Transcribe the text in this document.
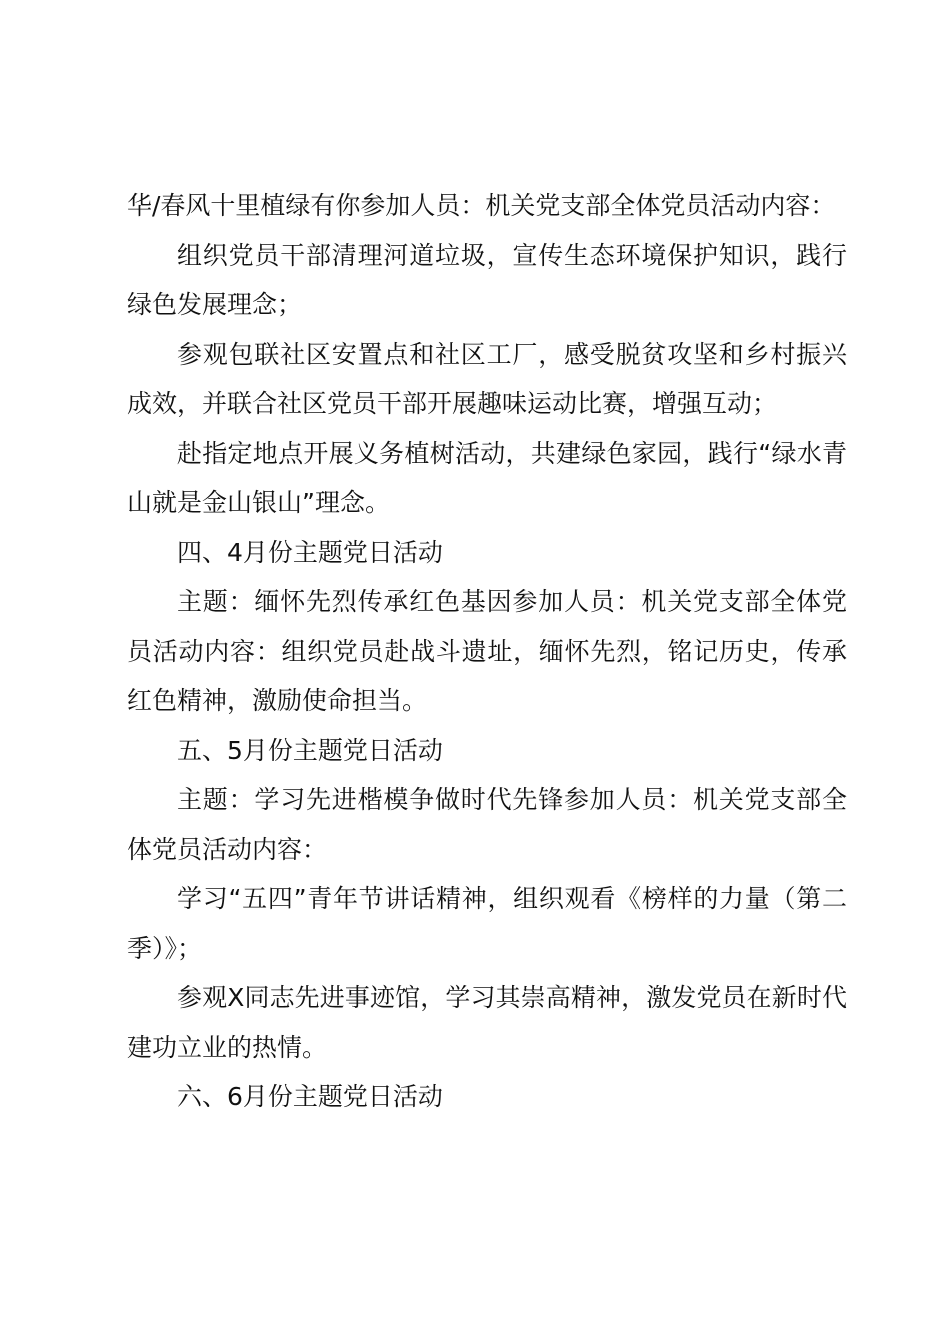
华/春风十里植绿有你参加人员：机关党支部全体党员活动内容：

组织党员干部清理河道垃圾，宣传生态环境保护知识，践行绿色发展理念；

参观包联社区安置点和社区工厂，感受脱贫攻坚和乡村振兴成效，并联合社区党员干部开展趣味运动比赛，增强互动；

赴指定地点开展义务植树活动，共建绿色家园，践行“绿水青山就是金山银山”理念。

四、4月份主题党日活动

主题：缅怀先烈传承红色基因参加人员：机关党支部全体党员活动内容：组织党员赴战斗遗址，缅怀先烈，铭记历史，传承红色精神，激励使命担当。

五、5月份主题党日活动

主题：学习先进楷模争做时代先锋参加人员：机关党支部全体党员活动内容：

学习“五四”青年节讲话精神，组织观看《榜样的力量（第二季）》；

参观X同志先进事迹馆，学习其崇高精神，激发党员在新时代建功立业的热情。

六、6月份主题党日活动
